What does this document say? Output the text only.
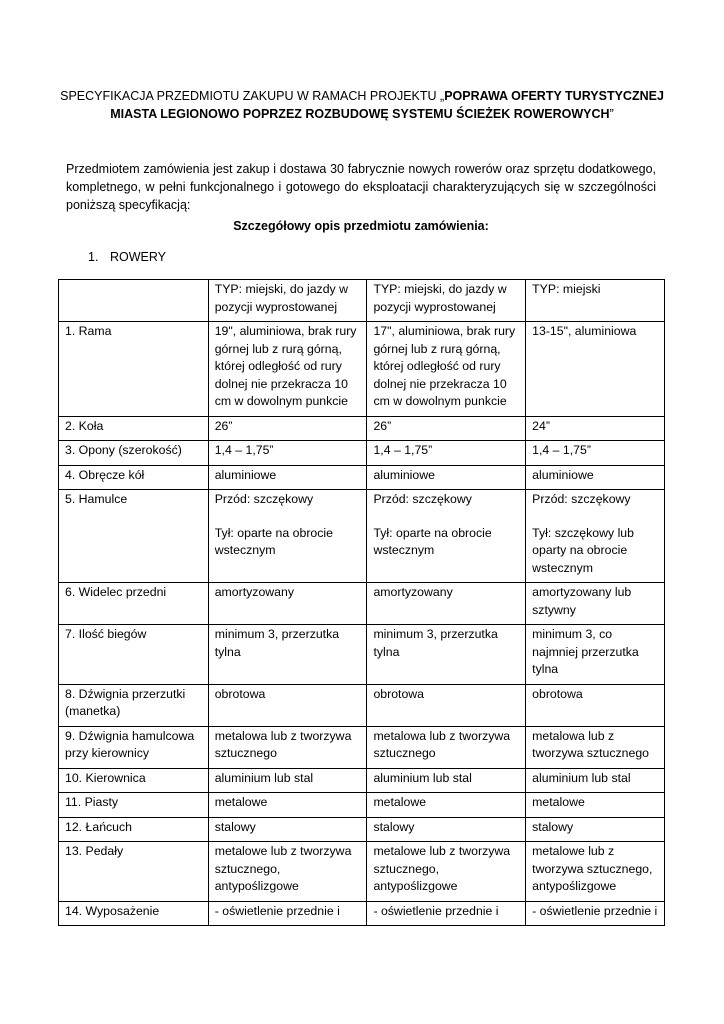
SPECYFIKACJA PRZEDMIOTU ZAKUPU W RAMACH PROJEKTU „POPRAWA OFERTY TURYSTYCZNEJ
MIASTA LEGIONOWO POPRZEZ ROZBUDOWĘ SYSTEMU ŚCIEŻEK ROWEROWYCH”
Przedmiotem zamówienia jest zakup i dostawa 30 fabrycznie nowych rowerów oraz sprzętu dodatkowego, kompletnego, w pełni funkcjonalnego i gotowego do eksploatacji charakteryzujących się w szczególności poniższą specyfikacją:
Szczegółowy opis przedmiotu zamówienia:
1. ROWERY
	TYP: miejski, do jazdy w pozycji wyprostowanej	TYP: miejski, do jazdy w pozycji wyprostowanej	TYP: miejski
1. Rama	19", aluminiowa, brak rury górnej lub z rurą górną, której odległość od rury dolnej nie przekracza 10 cm w dowolnym punkcie	17", aluminiowa, brak rury górnej lub z rurą górną, której odległość od rury dolnej nie przekracza 10 cm w dowolnym punkcie	13-15", aluminiowa

2. Koła	26”	26”	24”

3. Opony (szerokość)	1,4 – 1,75”	1,4 – 1,75”	1,4 – 1,75”

4. Obręcze kół	aluminiowe	aluminiowe	aluminiowe

5. Hamulce	Przód: szczękowy
Tył: oparte na obrocie wstecznym	Przód: szczękowy
Tył: oparte na obrocie wstecznym	Przód: szczękowy
Tył: szczękowy lub oparty na obrocie wstecznym

6. Widelec przedni	amortyzowany	amortyzowany	amortyzowany lub sztywny

7. Ilość biegów	minimum 3, przerzutka tylna	minimum 3, przerzutka tylna	minimum 3, co najmniej przerzutka tylna

8. Dźwignia przerzutki (manetka)	obrotowa	obrotowa	obrotowa

9. Dźwignia hamulcowa przy kierownicy	metalowa lub z tworzywa sztucznego	metalowa lub z tworzywa sztucznego	metalowa lub z tworzywa sztucznego

10. Kierownica	aluminium lub stal	aluminium lub stal	aluminium lub stal

11. Piasty	metalowe	metalowe	metalowe

12. Łańcuch	stalowy	stalowy	stalowy

13. Pedały	metalowe lub z tworzywa sztucznego, antypoślizgowe	metalowe lub z tworzywa sztucznego, antypoślizgowe	metalowe lub z tworzywa sztucznego, antypoślizgowe

14. Wyposażenie	- oświetlenie przednie i	- oświetlenie przednie i	- oświetlenie przednie i
